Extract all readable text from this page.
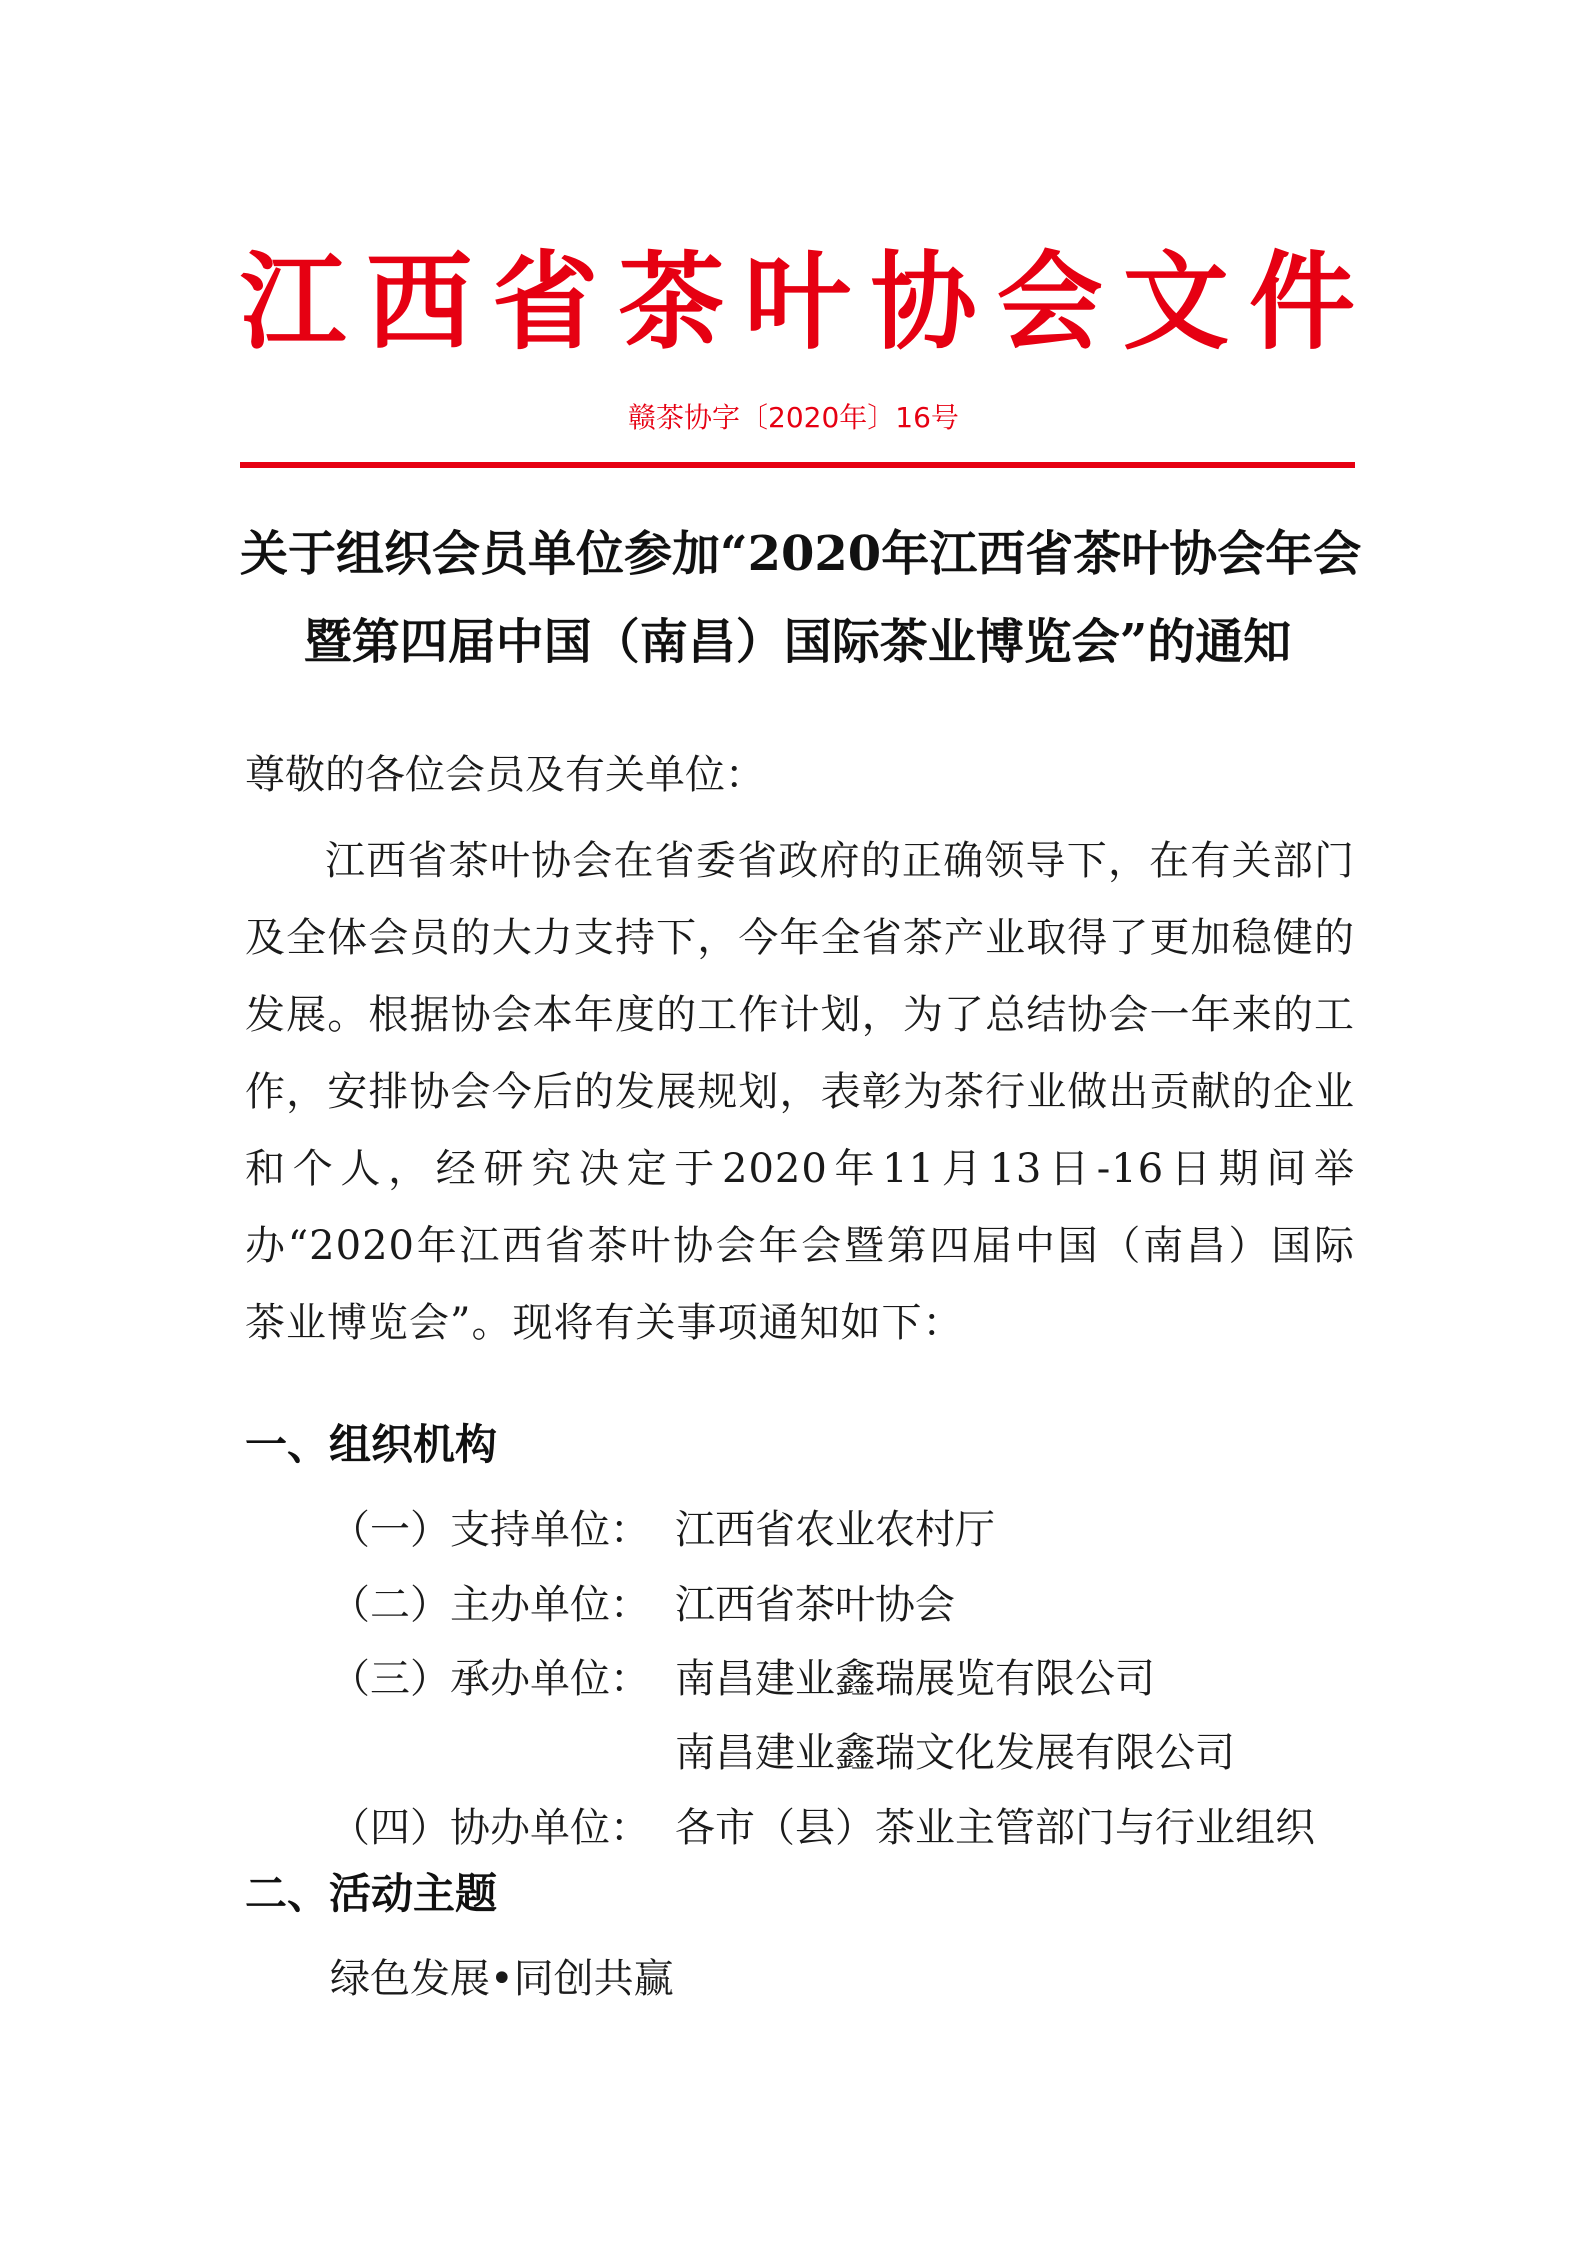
江西省茶叶协会文件
赣茶协字〔2020年〕16号
关于组织会员单位参加“2020年江西省茶叶协会年会
暨第四届中国（南昌）国际茶业博览会”的通知
尊敬的各位会员及有关单位：
江西省茶叶协会在省委省政府的正确领导下，在有关部门及全体会员的大力支持下，今年全省茶产业取得了更加稳健的发展。根据协会本年度的工作计划，为了总结协会一年来的工作，安排协会今后的发展规划，表彰为茶行业做出贡献的企业和个人，经研究决定于2020年11月13日-16日期间举办“2020年江西省茶叶协会年会暨第四届中国（南昌）国际茶业博览会”。现将有关事项通知如下：
一、组织机构
（一）支持单位： 江西省农业农村厅
（二）主办单位： 江西省茶叶协会
（三）承办单位： 南昌建业鑫瑞展览有限公司
南昌建业鑫瑞文化发展有限公司
（四）协办单位： 各市（县）茶业主管部门与行业组织
二、活动主题
绿色发展•同创共赢
